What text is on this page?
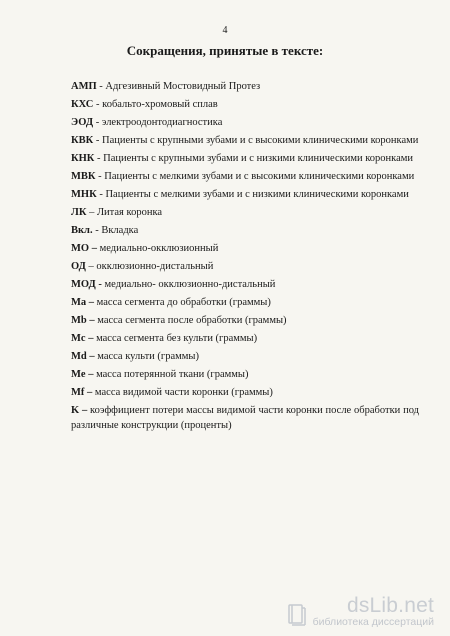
4
Сокращения, принятые в тексте:
АМП - Адгезивный Мостовидный Протез
КХС - кобальто-хромовый сплав
ЭОД - электроодонтодиагностика
КВК - Пациенты с крупными зубами и с высокими клиническими коронками
КНК - Пациенты с крупными зубами и с низкими клиническими коронками
МВК - Пациенты с мелкими зубами и с высокими клиническими коронками
МНК - Пациенты с мелкими зубами и с низкими клиническими коронками
ЛК – Литая коронка
Вкл. - Вкладка
МО – медиально-окклюзионный
ОД – окклюзионно-дистальный
МОД - медиально- окклюзионно-дистальный
Ma – масса сегмента до обработки (граммы)
Mb – масса сегмента после обработки (граммы)
Mc – масса сегмента без культи (граммы)
Md – масса культи (граммы)
Me – масса потерянной ткани (граммы)
Mf – масса видимой части коронки (граммы)
K – коэффициент потери массы видимой части коронки после обработки под различные конструкции (проценты)
dsLib.net
библиотека диссертаций
